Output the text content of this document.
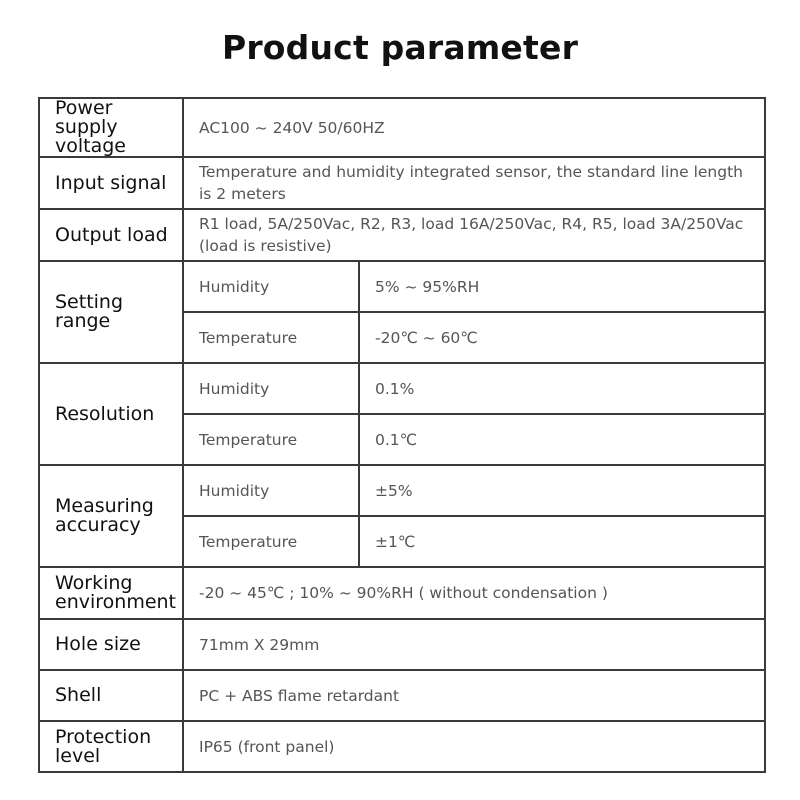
Product parameter
Power supply voltage	AC100 ~ 240V 50/60HZ	
Input signal	Temperature and humidity integrated sensor, the standard line length is 2 meters	
Output load	R1 load, 5A/250Vac, R2, R3, load 16A/250Vac, R4, R5, load 3A/250Vac (load is resistive)	
Setting range	Humidity	5% ~ 95%RH
	Temperature	-20℃ ~ 60℃
Resolution	Humidity	0.1%
	Temperature	0.1℃
Measuring accuracy	Humidity	±5%
	Temperature	±1℃
Working environment	-20 ~ 45℃ ; 10% ~ 90%RH ( without condensation )	
Hole size	71mm X 29mm	
Shell	PC + ABS flame retardant	
Protection level	IP65 (front panel)	
